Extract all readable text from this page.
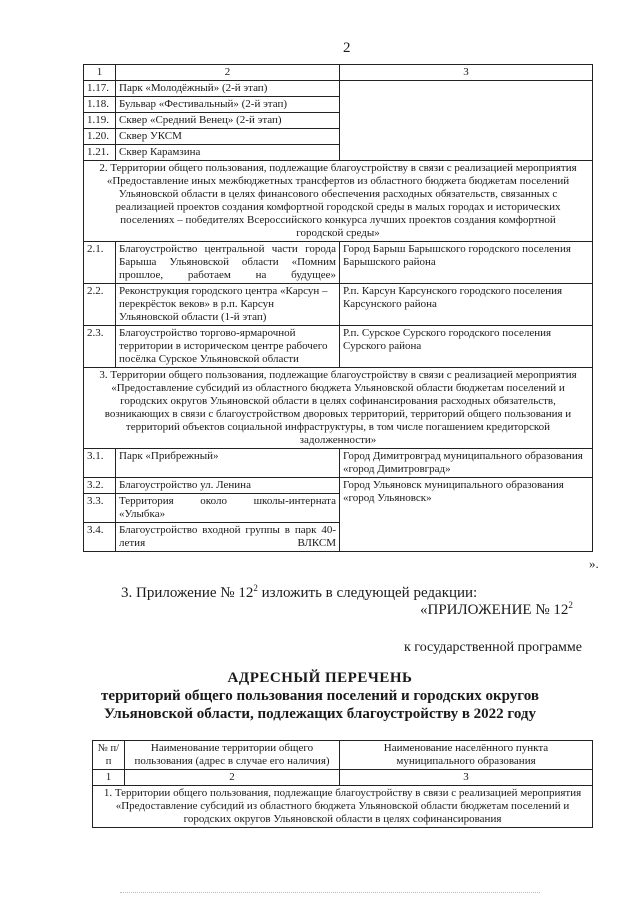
2
1	2	3
1.17.	Парк «Молодёжный» (2-й этап)	
1.18.	Бульвар «Фестивальный» (2-й этап)	
1.19.	Сквер «Средний Венец» (2-й этап)	
1.20.	Сквер УКСМ	
1.21.	Сквер Карамзина	
2. Территории общего пользования, подлежащие благоустройству в связи с реализацией мероприятия «Предоставление иных межбюджетных трансфертов из областного бюджета бюджетам поселений Ульяновской области в целях финансового обеспечения расходных обязательств, связанных с реализацией проектов создания комфортной городской среды в малых городах и исторических поселениях – победителях Всероссийского конкурса лучших проектов создания комфортной городской среды»		
2.1.	Благоустройство центральной части города Барыша Ульяновской области «Помним прошлое, работаем на будущее»	Город Барыш Барышского городского поселения Барышского района
2.2.	Реконструкция городского центра «Карсун – перекрёсток веков» в р.п. Карсун Ульяновской области (1-й этап)	Р.п. Карсун Карсунского городского поселения Карсунского района
2.3.	Благоустройство торгово-ярмарочной территории в историческом центре рабочего посёлка Сурское Ульяновской области	Р.п. Сурское Сурского городского поселения Сурского района
3. Территории общего пользования, подлежащие благоустройству в связи с реализацией мероприятия «Предоставление субсидий из областного бюджета Ульяновской области бюджетам поселений и городских округов Ульяновской области в целях софинансирования расходных обязательств, возникающих в связи с благоустройством дворовых территорий, территорий общего пользования и территорий объектов социальной инфраструктуры, в том числе погашением кредиторской задолженности»		
3.1.	Парк «Прибрежный»	Город Димитровград муниципального образования «город Димитровград»
3.2.	Благоустройство ул. Ленина	Город Ульяновск муниципального образования «город Ульяновск»
3.3.	Территория около школы-интерната «Улыбка»	
3.4.	Благоустройство входной группы в парк 40-летия ВЛКСМ	
».
3. Приложение № $12^2$ изложить в следующей редакции:
«ПРИЛОЖЕНИЕ № $12^2$
к государственной программе
АДРЕСНЫЙ ПЕРЕЧЕНЬ
территорий общего пользования поселений и городских округов
Ульяновской области, подлежащих благоустройству в 2022 году
№ п/п	Наименование территории общего пользования (адрес в случае его наличия)	Наименование населённого пункта муниципального образования
1	2	3
1. Территории общего пользования, подлежащие благоустройству в связи с реализацией мероприятия «Предоставление субсидий из областного бюджета Ульяновской области бюджетам поселений и городских округов Ульяновской области в целях софинансирования		
